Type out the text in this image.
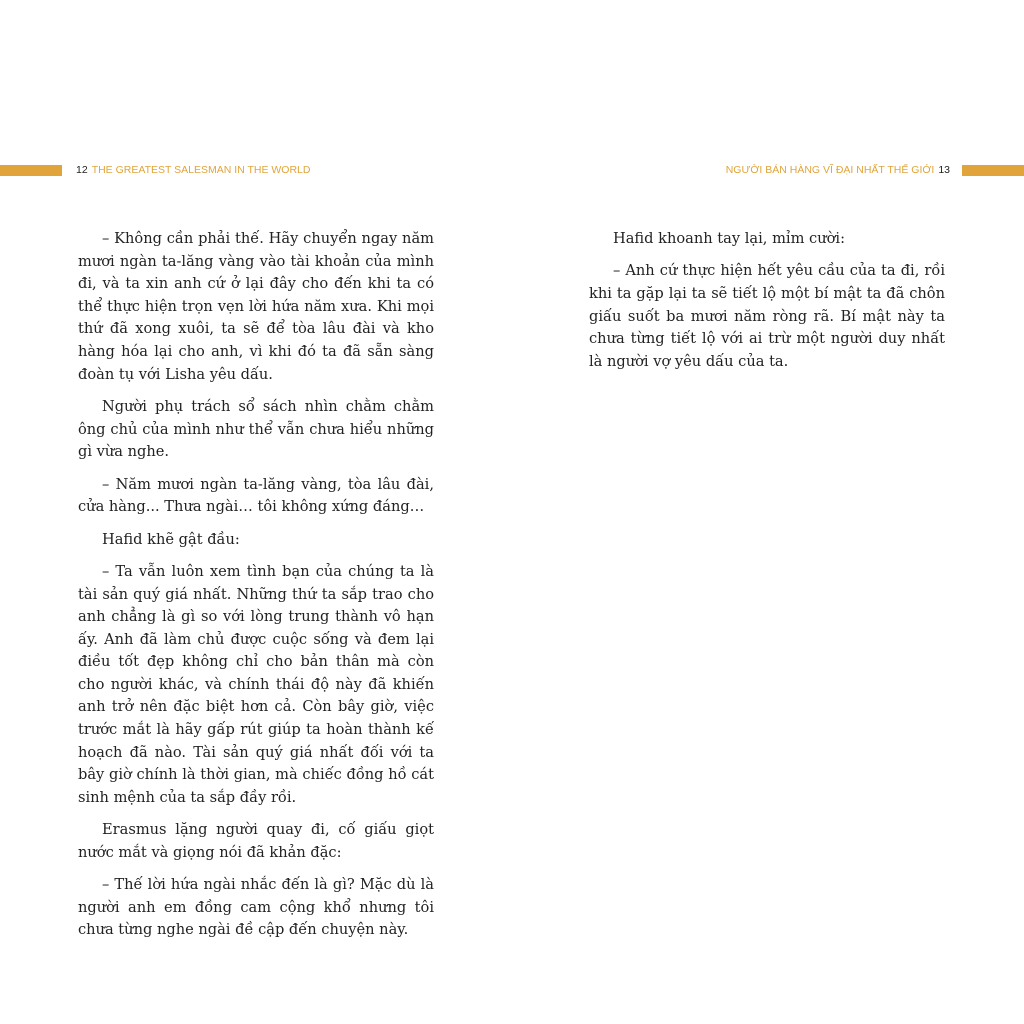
12 THE GREATEST SALESMAN IN THE WORLD	NGƯỜI BÁN HÀNG VĨ ĐẠI NHẤT THẾ GIỚI 13

– Không cần phải thế. Hãy chuyển ngay năm mươi ngàn ta-lăng vàng vào tài khoản của mình đi, và ta xin anh cứ ở lại đây cho đến khi ta có thể thực hiện trọn vẹn lời hứa năm xưa. Khi mọi thứ đã xong xuôi, ta sẽ để tòa lâu đài và kho hàng hóa lại cho anh, vì khi đó ta đã sẵn sàng đoàn tụ với Lisha yêu dấu.

Người phụ trách sổ sách nhìn chằm chằm ông chủ của mình như thể vẫn chưa hiểu những gì vừa nghe.

– Năm mươi ngàn ta-lăng vàng, tòa lâu đài, cửa hàng... Thưa ngài… tôi không xứng đáng…

Hafid khẽ gật đầu:

– Ta vẫn luôn xem tình bạn của chúng ta là tài sản quý giá nhất. Những thứ ta sắp trao cho anh chẳng là gì so với lòng trung thành vô hạn ấy. Anh đã làm chủ được cuộc sống và đem lại điều tốt đẹp không chỉ cho bản thân mà còn cho người khác, và chính thái độ này đã khiến anh trở nên đặc biệt hơn cả. Còn bây giờ, việc trước mắt là hãy gấp rút giúp ta hoàn thành kế hoạch đã nào. Tài sản quý giá nhất đối với ta bây giờ chính là thời gian, mà chiếc đồng hồ cát sinh mệnh của ta sắp đầy rồi.

Erasmus lặng người quay đi, cố giấu giọt nước mắt và giọng nói đã khản đặc:

– Thế lời hứa ngài nhắc đến là gì? Mặc dù là người anh em đồng cam cộng khổ nhưng tôi chưa từng nghe ngài đề cập đến chuyện này.

Hafid khoanh tay lại, mỉm cười:

– Anh cứ thực hiện hết yêu cầu của ta đi, rồi khi ta gặp lại ta sẽ tiết lộ một bí mật ta đã chôn giấu suốt ba mươi năm ròng rã. Bí mật này ta chưa từng tiết lộ với ai trừ một người duy nhất là người vợ yêu dấu của ta.
